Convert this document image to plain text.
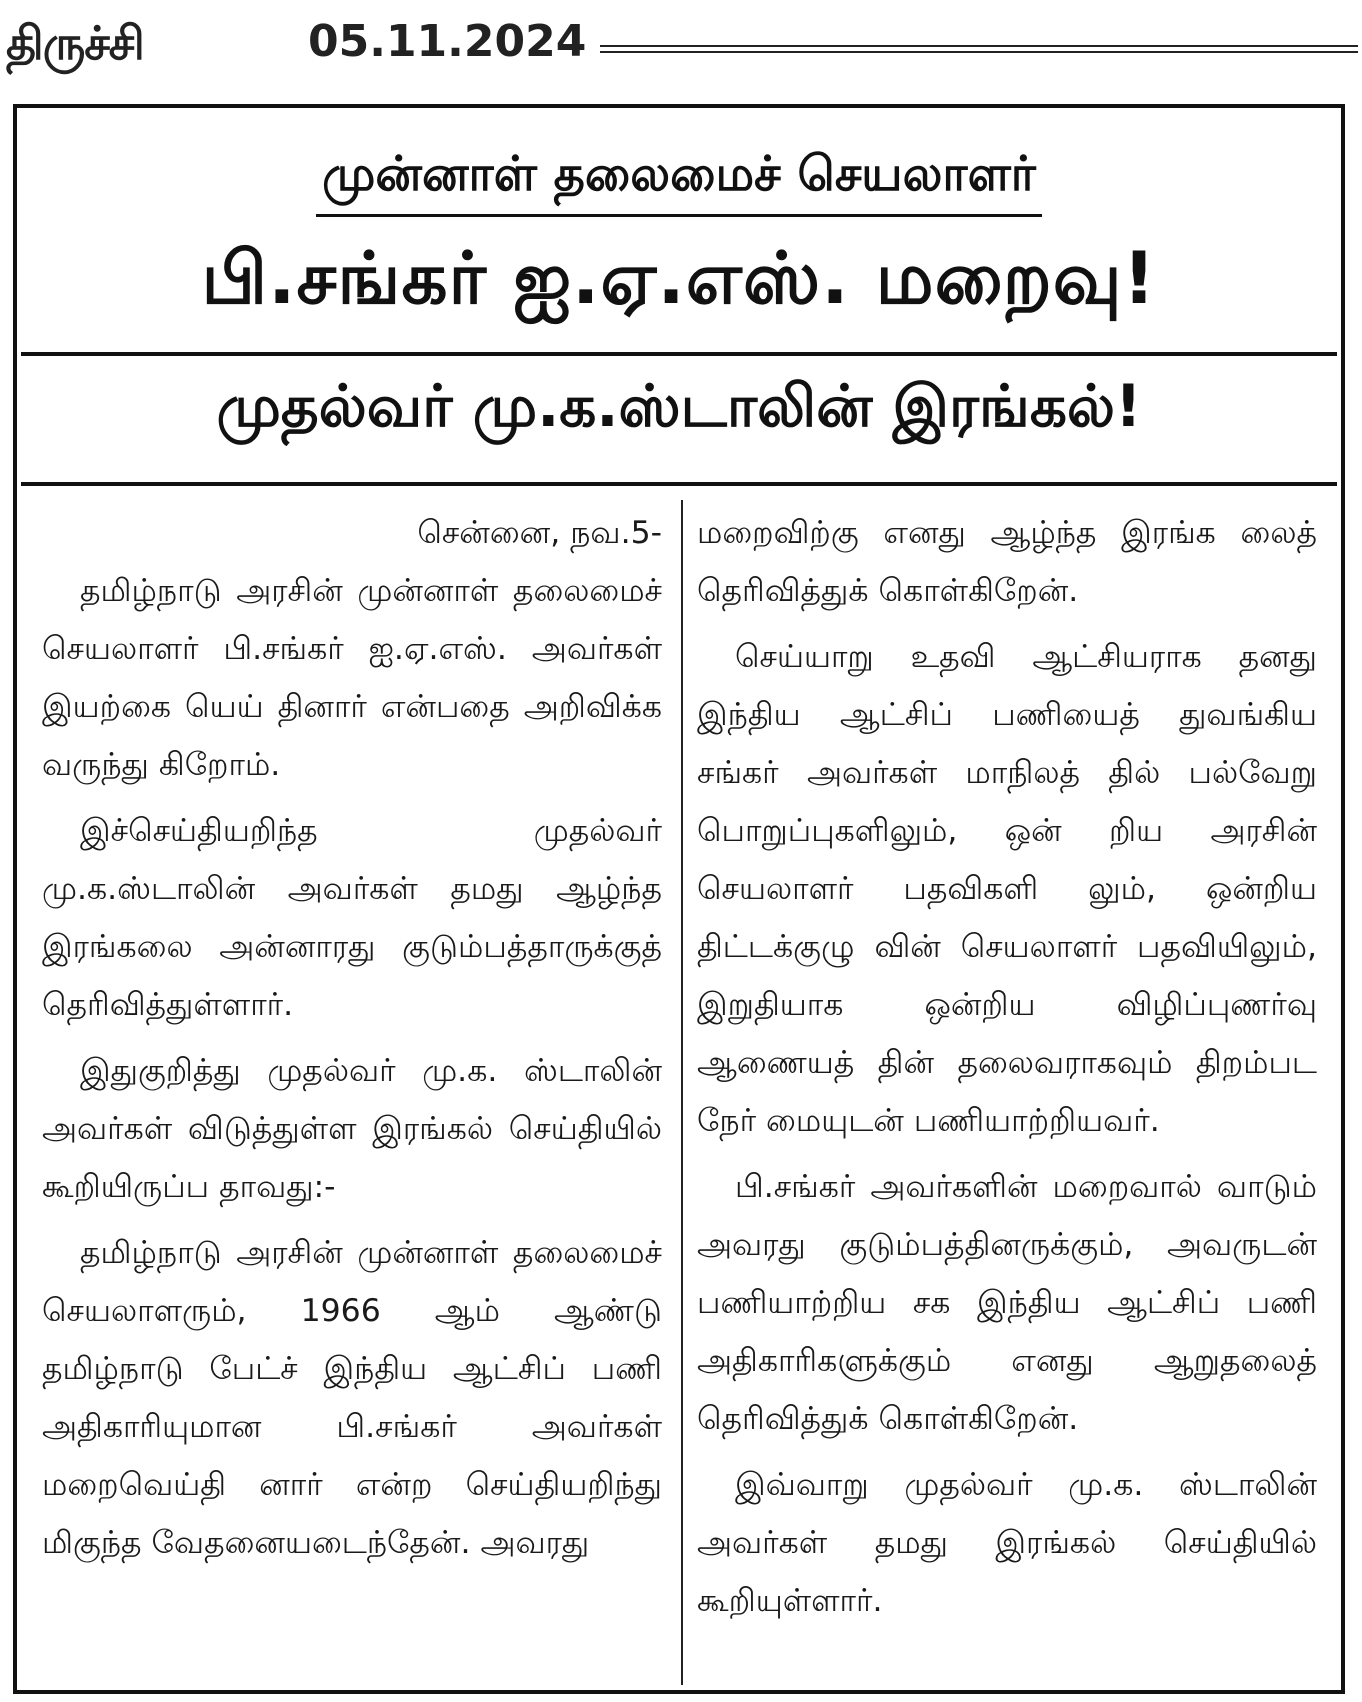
திருச்சி	05.11.2024
முன்னாள் தலைமைச் செயலாளர்
பி.சங்கர் ஐ.ஏ.எஸ். மறைவு!
முதல்வர் மு.க.ஸ்டாலின் இரங்கல்!

சென்னை, நவ.5-

தமிழ்நாடு அரசின் முன்னாள் தலைமைச் செயலாளர் பி.சங்கர் ஐ.ஏ.எஸ். அவர்கள் இயற்கை யெய் தினார் என்பதை அறிவிக்க வருந்து கிறோம்.

இச்செய்தியறிந்த முதல்வர் மு.க.ஸ்டாலின் அவர்கள் தமது ஆழ்ந்த இரங்கலை அன்னாரது குடும்பத்தாருக்குத் தெரிவித்துள்ளார்.

இதுகுறித்து முதல்வர் மு.க. ஸ்டாலின் அவர்கள் விடுத்துள்ள இரங்கல் செய்தியில் கூறியிருப்ப தாவது:-

தமிழ்நாடு அரசின் முன்னாள் தலைமைச் செயலாளரும், 1966 ஆம் ஆண்டு தமிழ்நாடு பேட்ச் இந்திய ஆட்சிப் பணி அதிகாரியுமான பி.சங்கர் அவர்கள் மறைவெய்தி னார் என்ற செய்தியறிந்து மிகுந்த வேதனையடைந்தேன். அவரது

மறைவிற்கு எனது ஆழ்ந்த இரங்க லைத் தெரிவித்துக் கொள்கிறேன்.

செய்யாறு உதவி ஆட்சியராக தனது இந்திய ஆட்சிப் பணியைத் துவங்கிய சங்கர் அவர்கள் மாநிலத் தில் பல்வேறு பொறுப்புகளிலும், ஒன் றிய அரசின் செயலாளர் பதவிகளி லும், ஒன்றிய திட்டக்குழு வின் செயலாளர் பதவியிலும், இறுதியாக ஒன்றிய விழிப்புணர்வு ஆணையத் தின் தலைவராகவும் திறம்பட நேர் மையுடன் பணியாற்றியவர்.

பி.சங்கர் அவர்களின் மறைவால் வாடும் அவரது குடும்பத்தினருக்கும், அவருடன் பணியாற்றிய சக இந்திய ஆட்சிப் பணி அதிகாரிகளுக்கும் எனது ஆறுதலைத் தெரிவித்துக் கொள்கிறேன்.

இவ்வாறு முதல்வர் மு.க. ஸ்டாலின் அவர்கள் தமது இரங்கல் செய்தியில் கூறியுள்ளார்.
